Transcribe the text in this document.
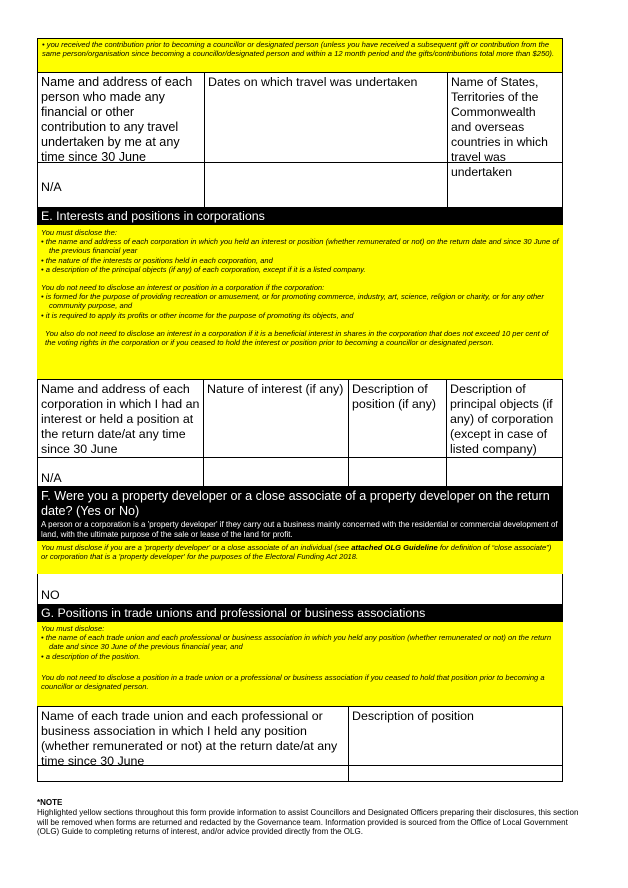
• you received the contribution prior to becoming a councillor or designated person (unless you have received a subsequent gift or contribution from the same person/organisation since becoming a councillor/designated person and within a 12 month period and the gifts/contributions total more than $250).
Name and address of each person who made any financial or other contribution to any travel undertaken by me at any time since 30 June
Dates on which travel was undertaken	Name of States, Territories of the Commonwealth and overseas countries in which travel was undertaken
N/A
E. Interests and positions in corporations

You must disclose the:

• the name and address of each corporation in which you held an interest or position (whether remunerated or not) on the return date and since 30 June of the previous financial year
• the nature of the interests or positions held in each corporation, and
• a description of the principal objects (if any) of each corporation, except if it is a listed company.

You do not need to disclose an interest or position in a corporation if the corporation:

• is formed for the purpose of providing recreation or amusement, or for promoting commerce, industry, art, science, religion or charity, or for any other community purpose, and
• it is required to apply its profits or other income for the purpose of promoting its objects, and

You also do not need to disclose an interest in a corporation if it is a beneficial interest in shares in the corporation that does not exceed 10 per cent of the voting rights in the corporation or if you ceased to hold the interest or position prior to becoming a councillor or designated person.

Name and address of each corporation in which I had an interest or held a position at the return date/at any time since 30 June
Nature of interest (if any) Description of position (if any)
Description of principal objects (if any) of corporation (except in case of listed company)
N/A
F. Were you a property developer or a close associate of a property developer on the return date? (Yes or No)
A person or a corporation is a 'property developer' if they carry out a business mainly concerned with the residential or commercial development of land, with the ultimate purpose of the sale or lease of the land for profit.
You must disclose if you are a 'property developer' or a close associate of an individual (see attached OLG Guideline for definition of “close associate”) or corporation that is a 'property developer' for the purposes of the Electoral Funding Act 2018.
NO
G. Positions in trade unions and professional or business associations

You must disclose:

• the name of each trade union and each professional or business association in which you held any position (whether remunerated or not) on the return date and since 30 June of the previous financial year, and
• a description of the position.

You do not need to disclose a position in a trade union or a professional or business association if you ceased to hold that position prior to becoming a councillor or designated person.

Name of each trade union and each professional or business association in which I held any position (whether remunerated or not) at the return date/at any time since 30 June
Description of position
*NOTE
Highlighted yellow sections throughout this form provide information to assist Councillors and Designated Officers preparing their disclosures, this section will be removed when forms are returned and redacted by the Governance team. Information provided is sourced from the Office of Local Government (OLG) Guide to completing returns of interest, and/or advice provided directly from the OLG.
